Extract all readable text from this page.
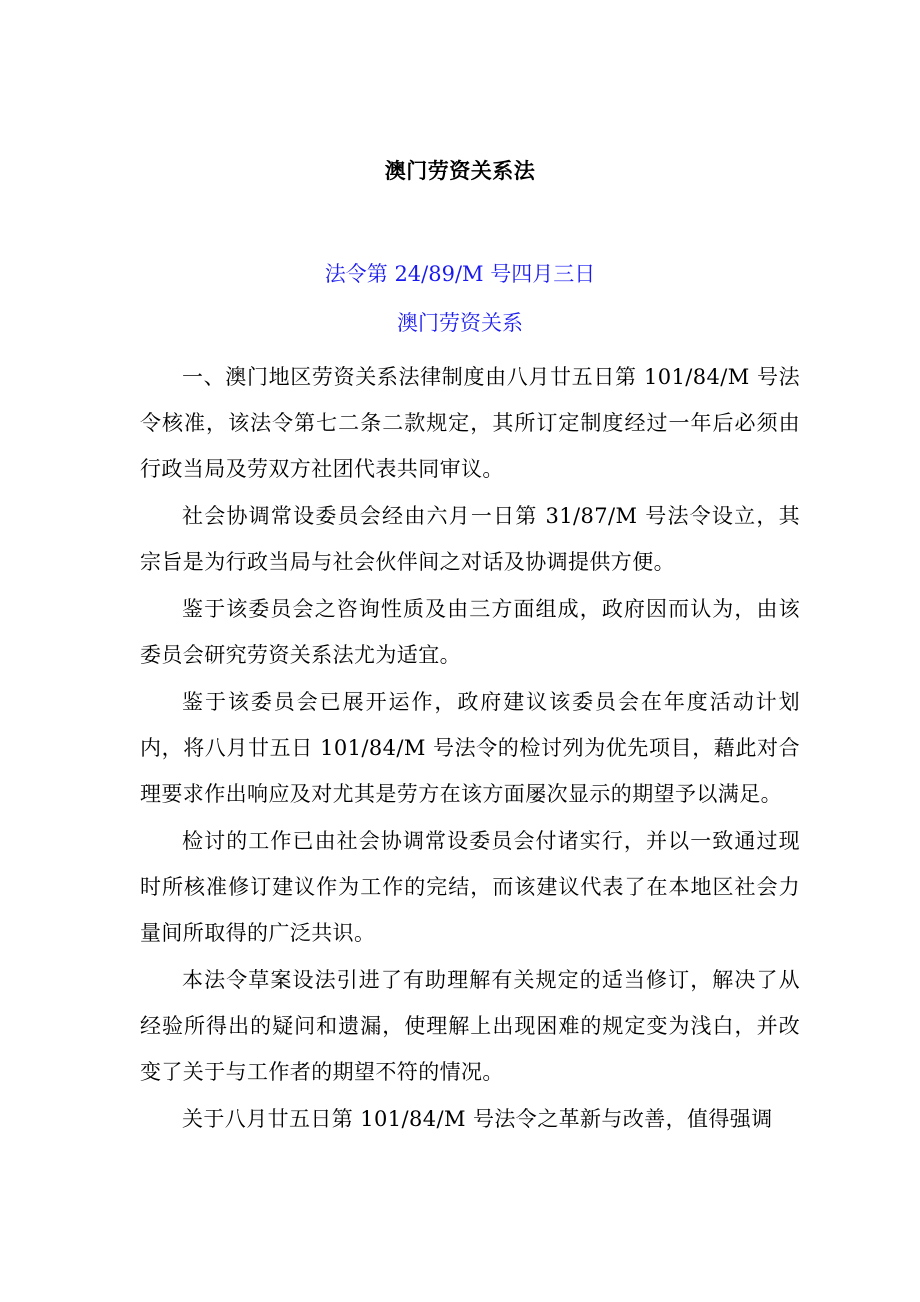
澳门劳资关系法
法令第 24/89/M 号四月三日
澳门劳资关系

一、澳门地区劳资关系法律制度由八月廿五日第 101/84/M 号法令核准，该法令第七二条二款规定，其所订定制度经过一年后必须由行政当局及劳双方社团代表共同审议。

社会协调常设委员会经由六月一日第 31/87/M 号法令设立，其宗旨是为行政当局与社会伙伴间之对话及协调提供方便。

鉴于该委员会之咨询性质及由三方面组成，政府因而认为，由该委员会研究劳资关系法尤为适宜。

鉴于该委员会已展开运作，政府建议该委员会在年度活动计划内，将八月廿五日 101/84/M 号法令的检讨列为优先项目，藉此对合理要求作出响应及对尤其是劳方在该方面屡次显示的期望予以满足。

检讨的工作已由社会协调常设委员会付诸实行，并以一致通过现时所核准修订建议作为工作的完结，而该建议代表了在本地区社会力量间所取得的广泛共识。

本法令草案设法引进了有助理解有关规定的适当修订，解决了从经验所得出的疑问和遗漏，使理解上出现困难的规定变为浅白，并改变了关于与工作者的期望不符的情况。

关于八月廿五日第 101/84/M 号法令之革新与改善，值得强调
